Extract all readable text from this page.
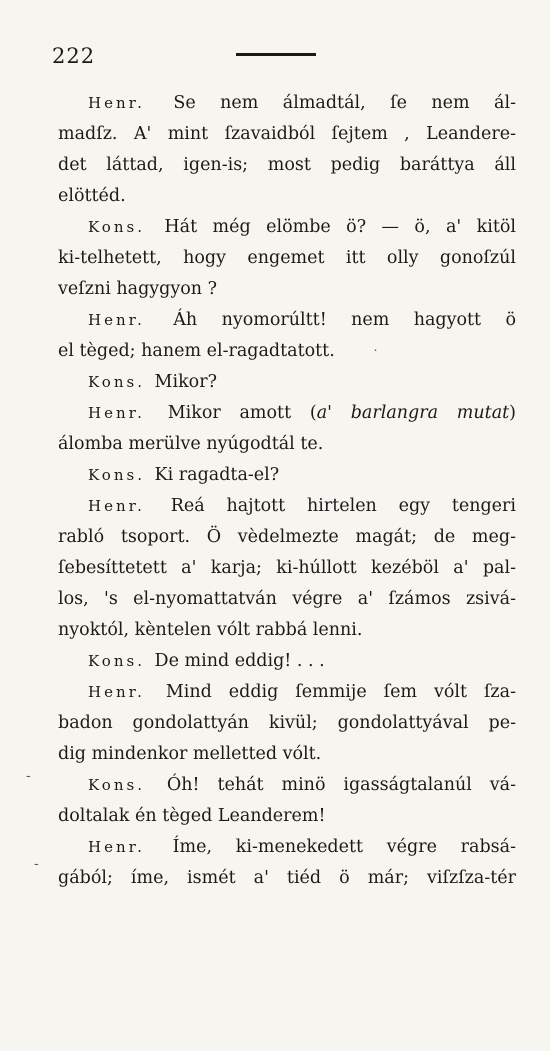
222
Henr. Se nem álmadtál, ſe nem ál-
madſz. A' mint ſzavaidból ſejtem , Leandere-
det láttad, igen-is; most pedig baráttya áll
elöttéd.
Kons. Hát még elömbe ö? — ö, a' kitöl
ki-telhetett, hogy engemet itt olly gonoſzúl
veſzni hagygyon ?
Henr. Áh nyomorúltt! nem hagyott ö
el tèged; hanem el-ragadtatott.
Kons. Mikor?
Henr. Mikor amott (a' barlangra mutat)
álomba merülve nyúgodtál te.
Kons. Ki ragadta-el?
Henr. Reá hajtott hirtelen egy tengeri
rabló tsoport. Ö vèdelmezte magát; de meg-
ſebesíttetett a' karja; ki-húllott kezéböl a' pal-
los, 's el-nyomattatván végre a' ſzámos zsivá-
nyoktól, kèntelen vólt rabbá lenni.
Kons. De mind eddig! . . .
Henr. Mind eddig ſemmije ſem vólt ſza-
badon gondolattyán kivül; gondolattyával pe-
dig mindenkor melletted vólt.
Kons. Óh! tehát minö igasságtalanúl vá-
doltalak én tèged Leanderem!
Henr. Íme, ki-menekedett végre rabsá-
gából; íme, ismét a' tiéd ö már; viſzſza-tér
˙
-
-
